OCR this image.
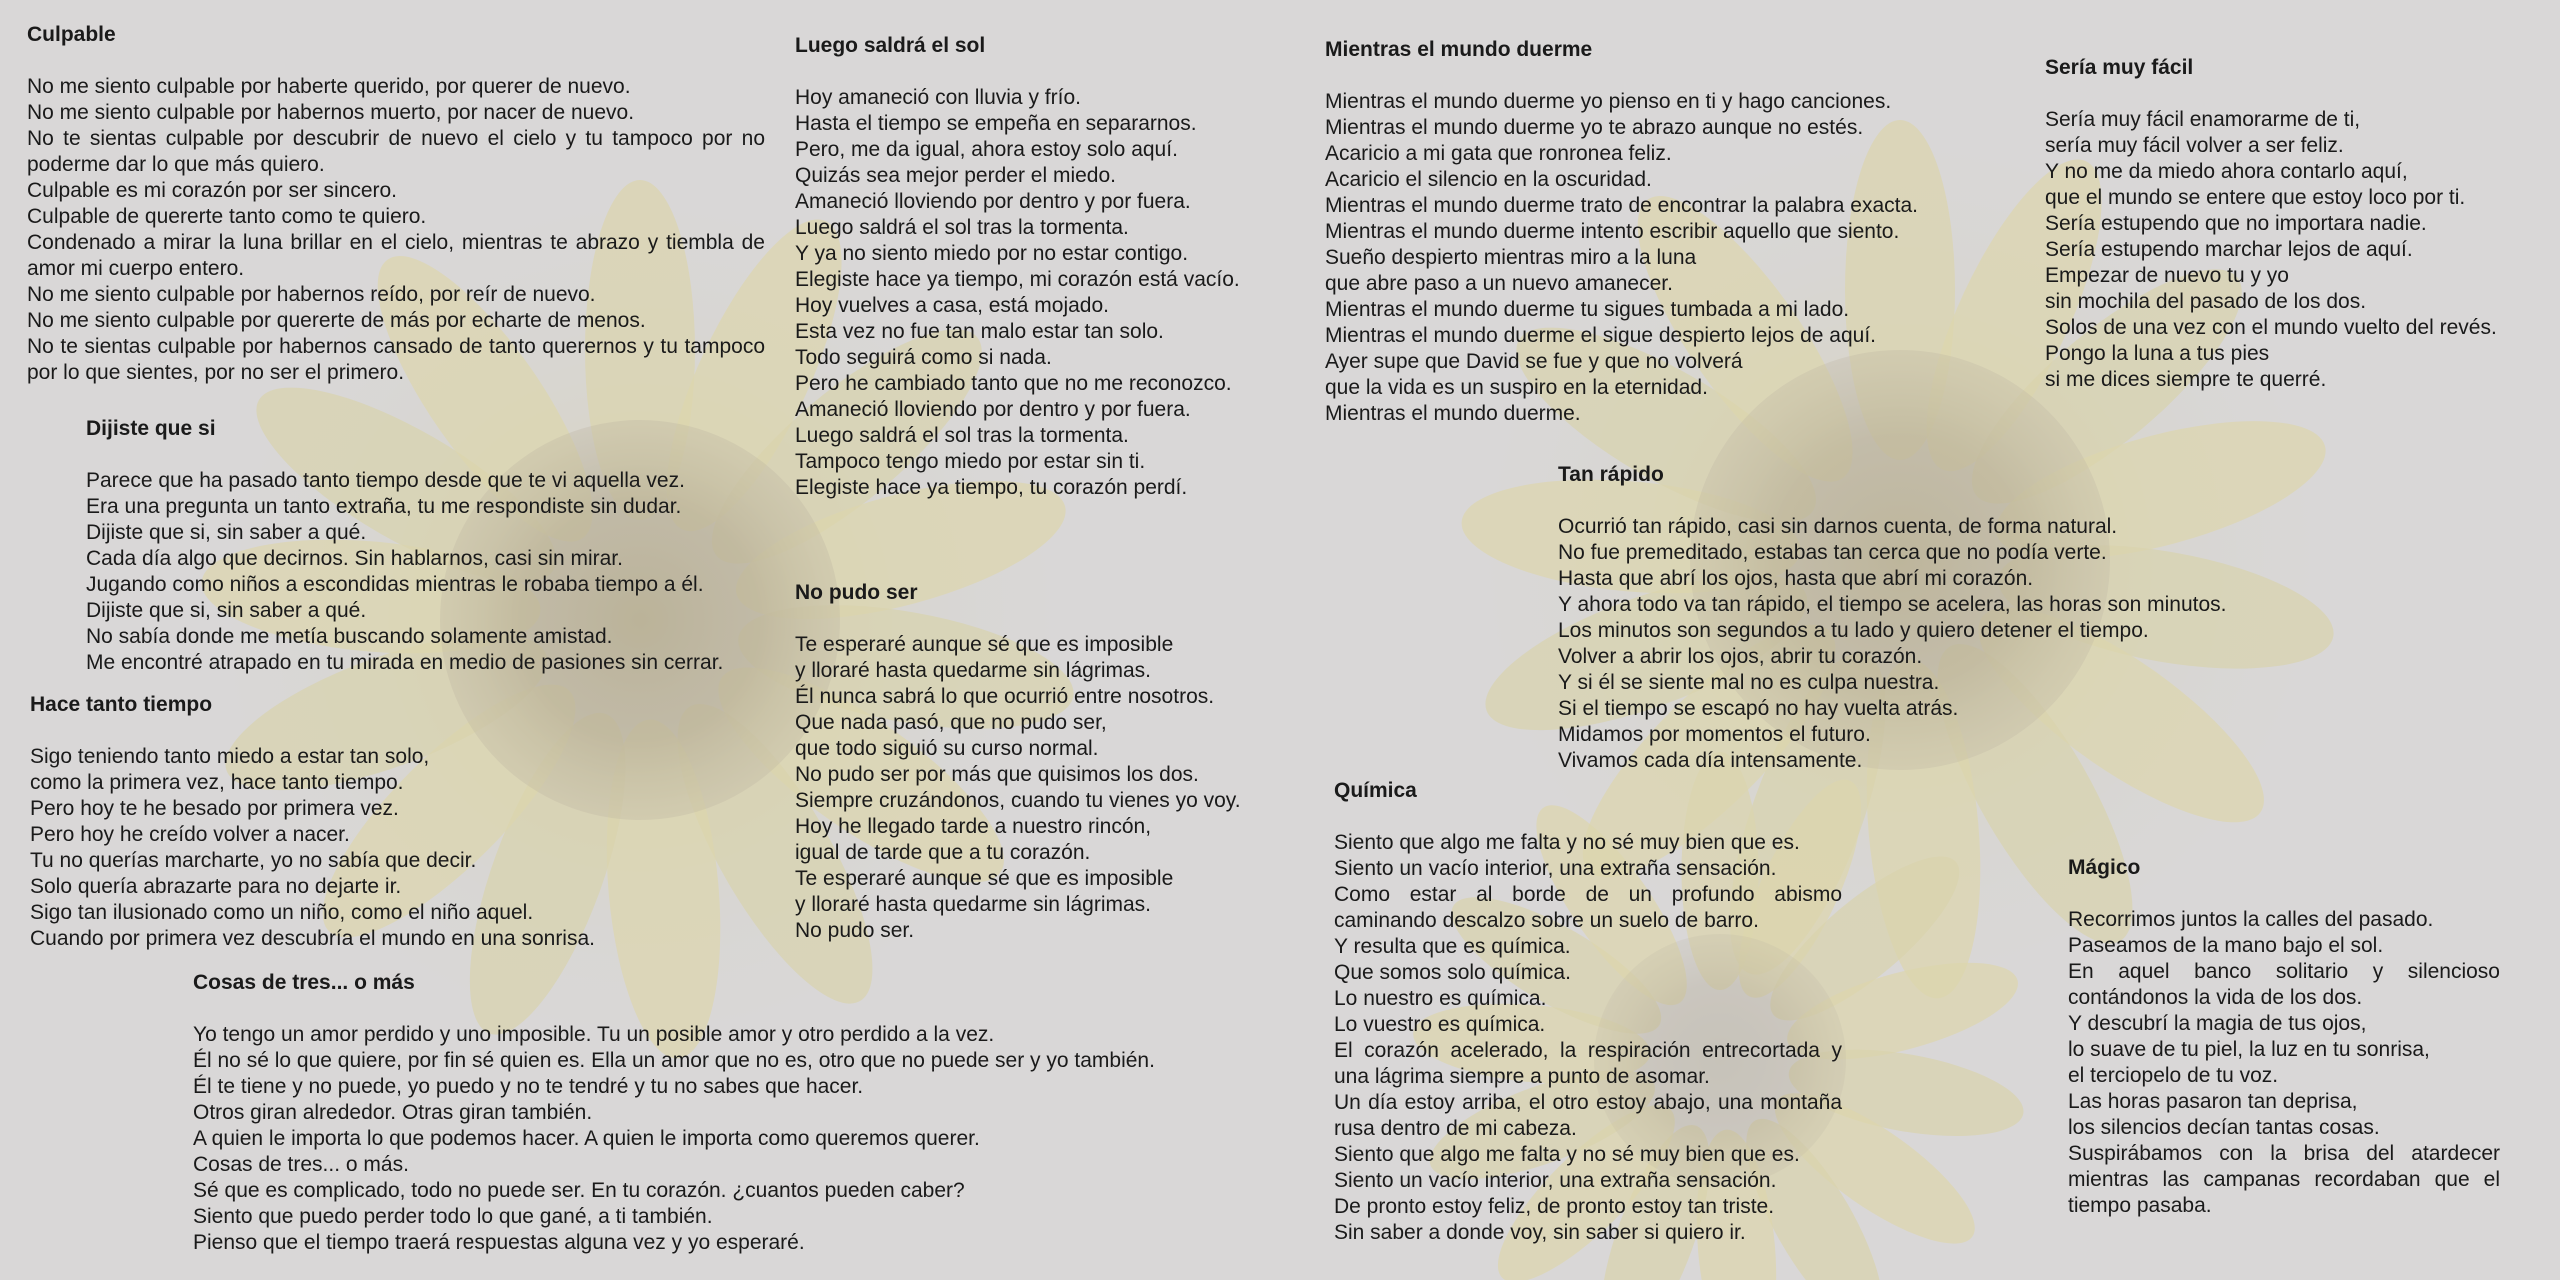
Culpable
No me siento culpable por haberte querido, por querer de nuevo.
No me siento culpable por habernos muerto, por nacer de nuevo.
No te sientas culpable por descubrir de nuevo el cielo y tu tampoco por no poderme dar lo que más quiero.
Culpable es mi corazón por ser sincero.
Culpable de quererte tanto como te quiero.
Condenado a mirar la luna brillar en el cielo, mientras te abrazo y tiembla de amor mi cuerpo entero.
No me siento culpable por habernos reído, por reír de nuevo.
No me siento culpable por quererte de más por echarte de menos.
No te sientas culpable por habernos cansado de tanto querernos y tu tampoco por lo que sientes, por no ser el primero.
Dijiste que si
Parece que ha pasado tanto tiempo desde que te vi aquella vez.
Era una pregunta un tanto extraña, tu me respondiste sin dudar.
Dijiste que si, sin saber a qué.
Cada día algo que decirnos. Sin hablarnos, casi sin mirar.
Jugando como niños a escondidas mientras le robaba tiempo a él.
Dijiste que si, sin saber a qué.
No sabía donde me metía buscando solamente amistad.
Me encontré atrapado en tu mirada en medio de pasiones sin cerrar.
Hace tanto tiempo
Sigo teniendo tanto miedo a estar tan solo,
como la primera vez, hace tanto tiempo.
Pero hoy te he besado por primera vez.
Pero hoy he creído volver a nacer.
Tu no querías marcharte, yo no sabía que decir.
Solo quería abrazarte para no dejarte ir.
Sigo tan ilusionado como un niño, como el niño aquel.
Cuando por primera vez descubría el mundo en una sonrisa.
Cosas de tres... o más
Yo tengo un amor perdido y uno imposible. Tu un posible amor y otro perdido a la vez.
Él no sé lo que quiere, por fin sé quien es. Ella un amor que no es, otro que no puede ser y yo también.
Él te tiene y no puede, yo puedo y no te tendré y tu no sabes que hacer.
Otros giran alrededor. Otras giran también.
A quien le importa lo que podemos hacer. A quien le importa como queremos querer.
Cosas de tres... o más.
Sé que es complicado, todo no puede ser. En tu corazón. ¿cuantos pueden caber?
Siento que puedo perder todo lo que gané, a ti también.
Pienso que el tiempo traerá respuestas alguna vez y yo esperaré.
Luego saldrá el sol
Hoy amaneció con lluvia y frío.
Hasta el tiempo se empeña en separarnos.
Pero, me da igual, ahora estoy solo aquí.
Quizás sea mejor perder el miedo.
Amaneció lloviendo por dentro y por fuera.
Luego saldrá el sol tras la tormenta.
Y ya no siento miedo por no estar contigo.
Elegiste hace ya tiempo, mi corazón está vacío.
Hoy vuelves a casa, está mojado.
Esta vez no fue tan malo estar tan solo.
Todo seguirá como si nada.
Pero he cambiado tanto que no me reconozco.
Amaneció lloviendo por dentro y por fuera.
Luego saldrá el sol tras la tormenta.
Tampoco tengo miedo por estar sin ti.
Elegiste hace ya tiempo, tu corazón perdí.
No pudo ser
Te esperaré aunque sé que es imposible
y lloraré hasta quedarme sin lágrimas.
Él nunca sabrá lo que ocurrió entre nosotros.
Que nada pasó, que no pudo ser,
que todo siguió su curso normal.
No pudo ser por más que quisimos los dos.
Siempre cruzándonos, cuando tu vienes yo voy.
Hoy he llegado tarde a nuestro rincón,
igual de tarde que a tu corazón.
Te esperaré aunque sé que es imposible
y lloraré hasta quedarme sin lágrimas.
No pudo ser.
Mientras el mundo duerme
Mientras el mundo duerme yo pienso en ti y hago canciones.
Mientras el mundo duerme yo te abrazo aunque no estés.
Acaricio a mi gata que ronronea feliz.
Acaricio el silencio en la oscuridad.
Mientras el mundo duerme trato de encontrar la palabra exacta.
Mientras el mundo duerme intento escribir aquello que siento.
Sueño despierto mientras miro a la luna
que abre paso a un nuevo amanecer.
Mientras el mundo duerme tu sigues tumbada a mi lado.
Mientras el mundo duerme el sigue despierto lejos de aquí.
Ayer supe que David se fue y que no volverá
que la vida es un suspiro en la eternidad.
Mientras el mundo duerme.
Sería muy fácil
Sería muy fácil enamorarme de ti,
sería muy fácil volver a ser feliz.
Y no me da miedo ahora contarlo aquí,
que el mundo se entere que estoy loco por ti.
Sería estupendo que no importara nadie.
Sería estupendo marchar lejos de aquí.
Empezar de nuevo tu y yo
sin mochila del pasado de los dos.
Solos de una vez con el mundo vuelto del revés.
Pongo la luna a tus pies
si me dices siempre te querré.
Tan rápido
Ocurrió tan rápido, casi sin darnos cuenta, de forma natural.
No fue premeditado, estabas tan cerca que no podía verte.
Hasta que abrí los ojos, hasta que abrí mi corazón.
Y ahora todo va tan rápido, el tiempo se acelera, las horas son minutos.
Los minutos son segundos a tu lado y quiero detener el tiempo.
Volver a abrir los ojos, abrir tu corazón.
Y si él se siente mal no es culpa nuestra.
Si el tiempo se escapó no hay vuelta atrás.
Midamos por momentos el futuro.
Vivamos cada día intensamente.
Química
Siento que algo me falta y no sé muy bien que es.
Siento un vacío interior, una extraña sensación.
Como estar al borde de un profundo abismo caminando descalzo sobre un suelo de barro.
Y resulta que es química.
Que somos solo química.
Lo nuestro es química.
Lo vuestro es química.
El corazón acelerado, la respiración entrecortada y una lágrima siempre a punto de asomar.
Un día estoy arriba, el otro estoy abajo, una montaña rusa dentro de mi cabeza.
Siento que algo me falta y no sé muy bien que es.
Siento un vacío interior, una extraña sensación.
De pronto estoy feliz, de pronto estoy tan triste.
Sin saber a donde voy, sin saber si quiero ir.
Mágico
Recorrimos juntos la calles del pasado.
Paseamos de la mano bajo el sol.
En aquel banco solitario y silencioso contándonos la vida de los dos.
Y descubrí la magia de tus ojos,
lo suave de tu piel, la luz en tu sonrisa,
el terciopelo de tu voz.
Las horas pasaron tan deprisa,
los silencios decían tantas cosas.
Suspirábamos con la brisa del atardecer mientras las campanas recordaban que el tiempo pasaba.
